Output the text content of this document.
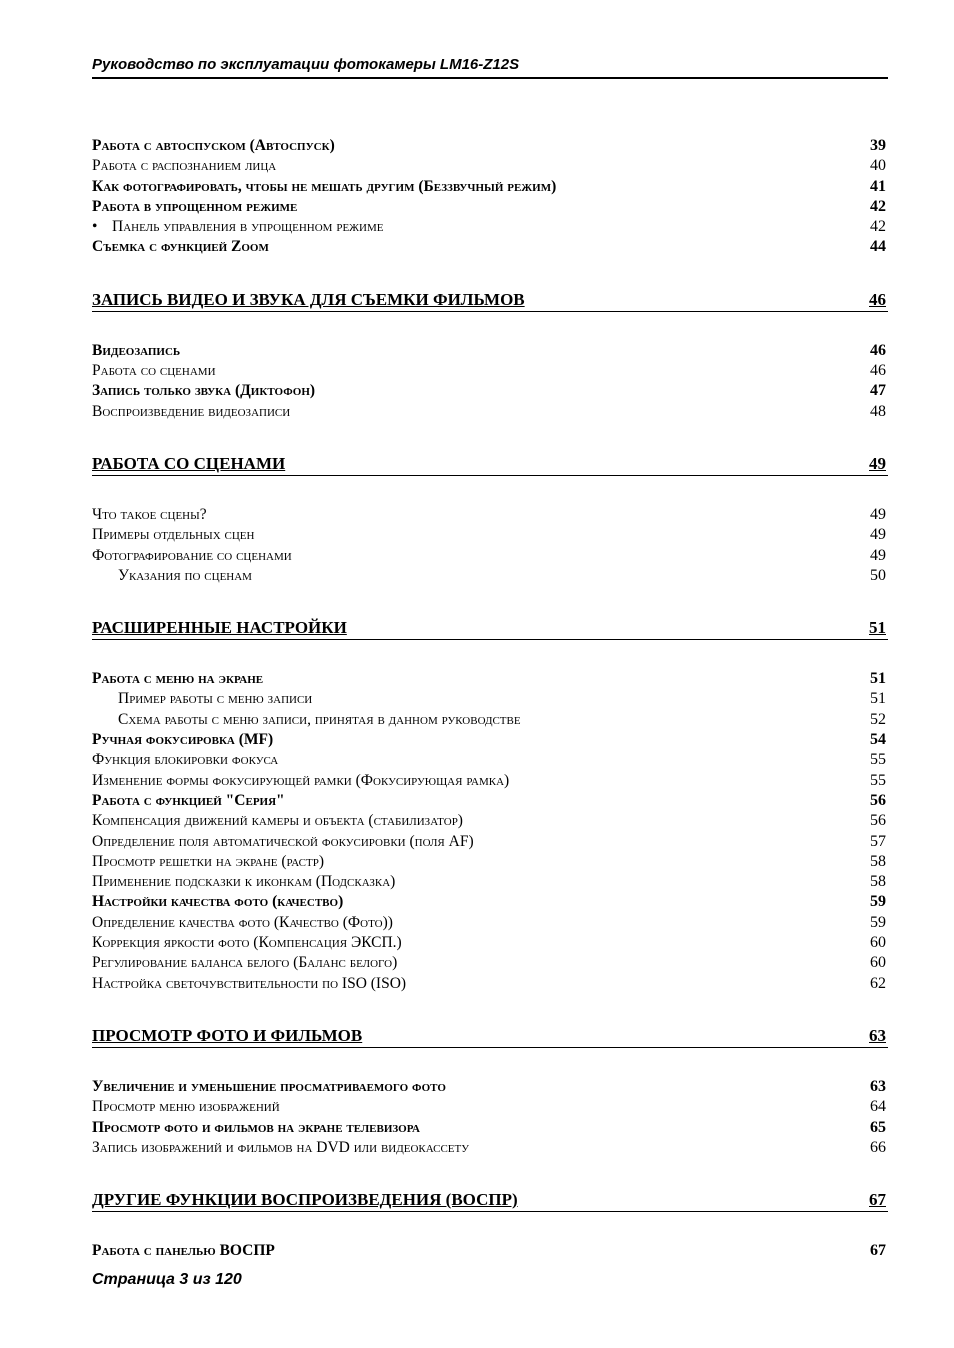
Руководство по эксплуатации фотокамеры LM16-Z12S
Работа с автоспуском (Автоспуск)	39
Работа с распознанием лица	40
Как фотографировать, чтобы не мешать другим (Беззвучный режим)	41
Работа в упрощенном режиме	42
• Панель управления в упрощенном режиме	42
Съемка с функцией Zoom	44
ЗАПИСЬ ВИДЕО И ЗВУКА ДЛЯ СЪЕМКИ ФИЛЬМОВ	46
Видеозапись	46
Работа со сценами	46
Запись только звука (Диктофон)	47
Воспроизведение видеозаписи	48
РАБОТА СО СЦЕНАМИ	49
Что такое сцены?	49
Примеры отдельных сцен	49
Фотографирование со сценами	49
Указания по сценам	50
РАСШИРЕННЫЕ НАСТРОЙКИ	51
Работа с меню на экране	51
Пример работы с меню записи	51
Схема работы с меню записи, принятая в данном руководстве	52
Ручная фокусировка (MF)	54
Функция блокировки фокуса	55
Изменение формы фокусирующей рамки (Фокусирующая рамка)	55
Работа с функцией "Серия"	56
Компенсация движений камеры и объекта (стабилизатор)	56
Определение поля автоматической фокусировки (поля AF)	57
Просмотр решетки на экране (растр)	58
Применение подсказки к иконкам (Подсказка)	58
Настройки качества фото (качество)	59
Определение качества фото (Качество (Фото))	59
Коррекция яркости фото (Компенсация ЭКСП.)	60
Регулирование баланса белого (Баланс белого)	60
Настройка светочувствительности по ISO (ISO)	62
ПРОСМОТР ФОТО И ФИЛЬМОВ	63
Увеличение и уменьшение просматриваемого фото	63
Просмотр меню изображений	64
Просмотр фото и фильмов на экране телевизора	65
Запись изображений и фильмов на DVD или видеокассету	66
ДРУГИЕ ФУНКЦИИ ВОСПРОИЗВЕДЕНИЯ (ВОСПР)	67
Работа с панелью ВОСПР	67
Страница 3 из 120
